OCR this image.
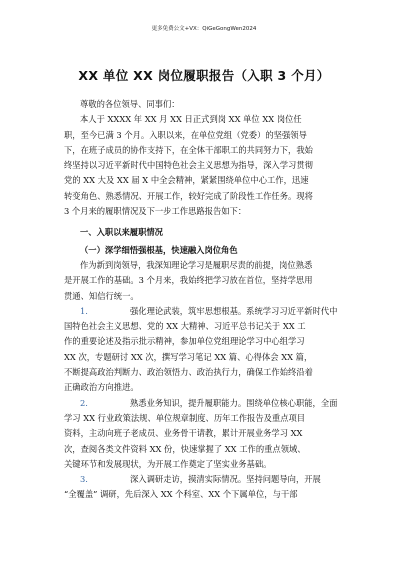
更多免费公文+VX：QiGeGongWen2024
XX 单位 XX 岗位履职报告（入职 3 个月）
尊敬的各位领导、同事们：
本人于 XXXX 年 XX 月 XX 日正式到岗 XX 单位 XX 岗位任
职，至今已满 3 个月。入职以来，在单位党组（党委）的坚强领导
下，在班子成员的协作支持下，在全体干部职工的共同努力下，我始
终坚持以习近平新时代中国特色社会主义思想为指导，深入学习贯彻
党的 XX 大及 XX 届 X 中全会精神，紧紧围绕单位中心工作，迅速
转变角色、熟悉情况、开展工作，较好完成了阶段性工作任务。现将
3 个月来的履职情况及下一步工作思路报告如下：
一、入职以来履职情况
（一）深学细悟强根基，快速融入岗位角色
作为新到岗领导，我深知理论学习是履职尽责的前提，岗位熟悉
是开展工作的基础。3 个月来，我始终把学习放在首位，坚持学思用
贯通、知信行统一。
1.	强化理论武装，筑牢思想根基。系统学习习近平新时代中
国特色社会主义思想、党的 XX 大精神、习近平总书记关于 XX 工
作的重要论述及指示批示精神，参加单位党组理论学习中心组学习
XX 次，专题研讨 XX 次，撰写学习笔记 XX 篇、心得体会 XX 篇，
不断提高政治判断力、政治领悟力、政治执行力，确保工作始终沿着
正确政治方向推进。
2.	熟悉业务知识，提升履职能力。围绕单位核心职能，全面
学习 XX 行业政策法规、单位规章制度、历年工作报告及重点项目
资料，主动向班子老成员、业务骨干请教，累计开展业务学习 XX
次，查阅各类文件资料 XX 份，快速掌握了 XX 工作的重点领域、
关键环节和发展现状，为开展工作奠定了坚实业务基础。
3.	深入调研走访，摸清实际情况。坚持问题导向，开展
“全覆盖” 调研，先后深入 XX 个科室、XX 个下属单位，与干部
